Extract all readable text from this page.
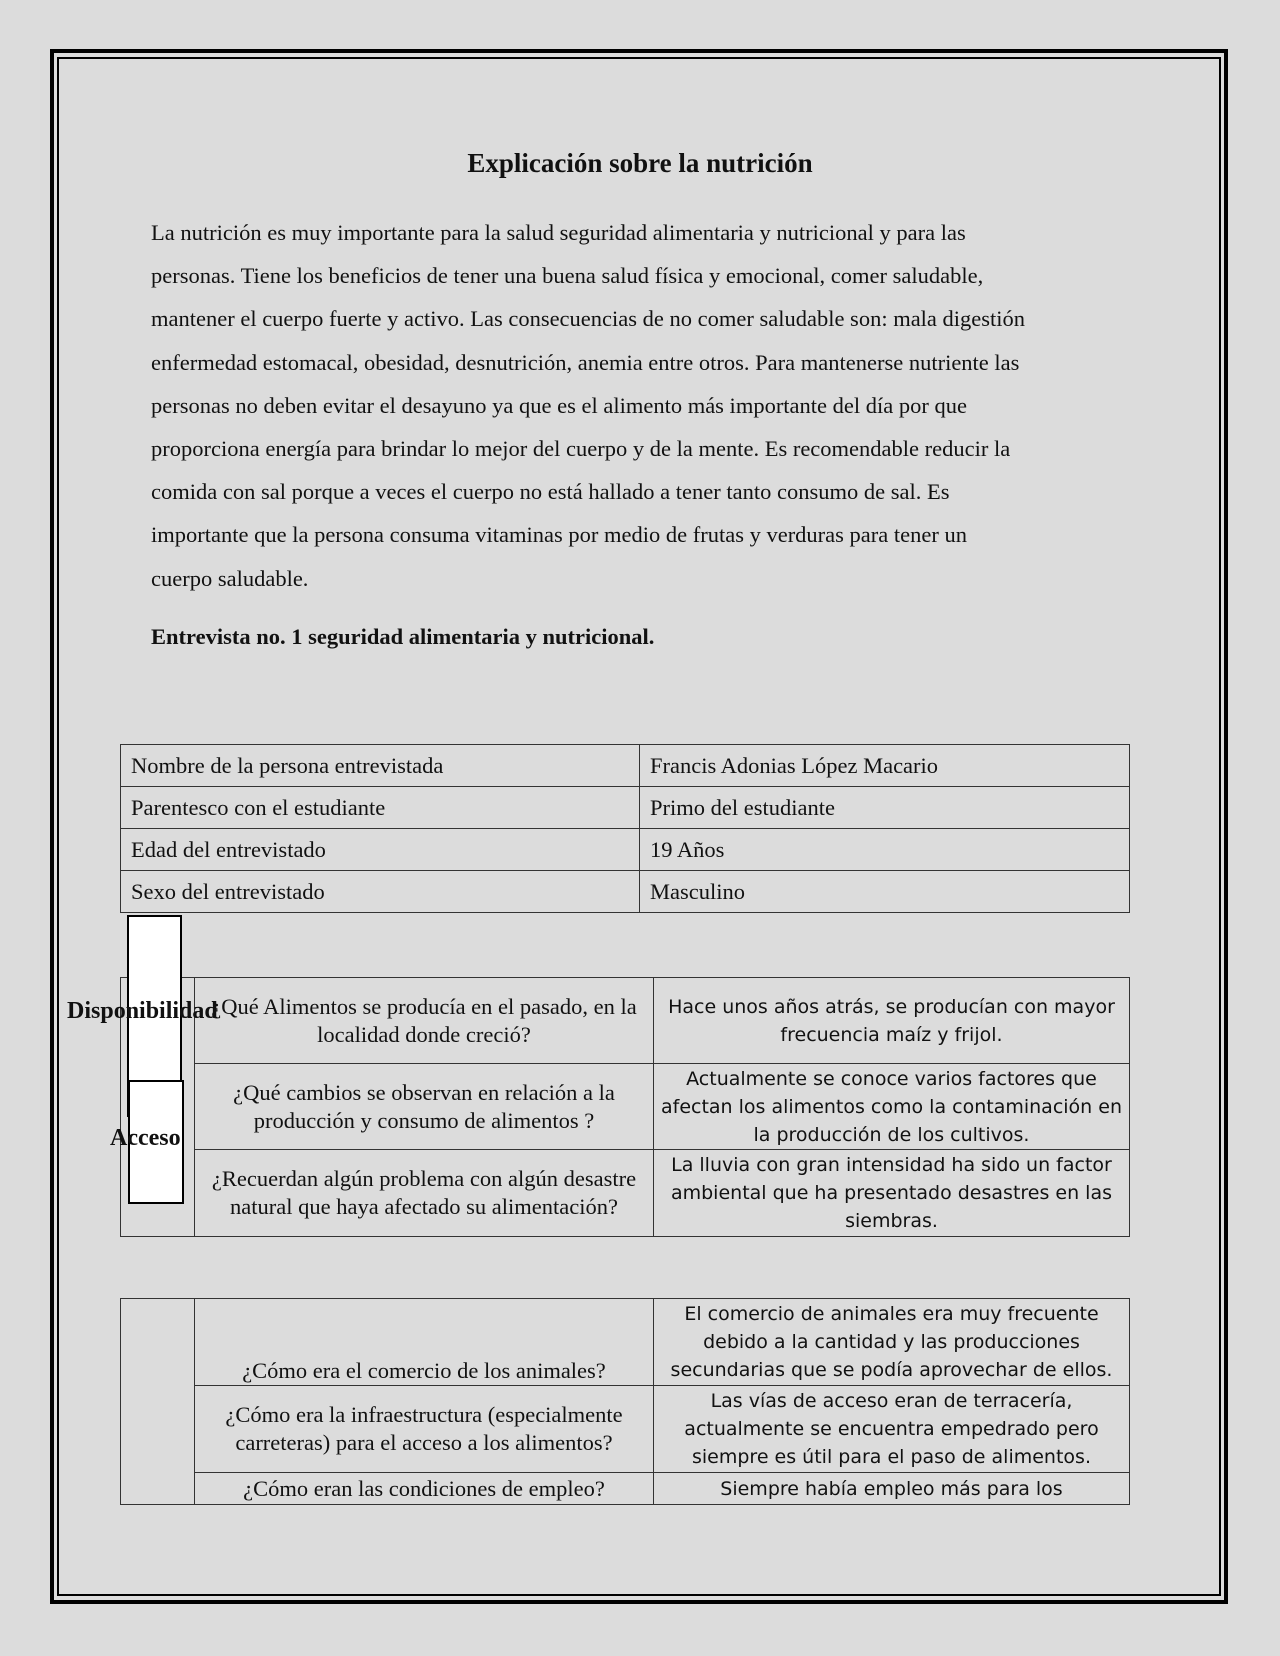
Explicación sobre la nutrición
La nutrición es muy importante para la salud seguridad alimentaria y nutricional y para las
personas. Tiene los beneficios de tener una buena salud física y emocional, comer saludable,
mantener el cuerpo fuerte y activo. Las consecuencias de no comer saludable son: mala digestión
enfermedad estomacal, obesidad, desnutrición, anemia entre otros. Para mantenerse nutriente las
personas no deben evitar el desayuno ya que es el alimento más importante del día por que
proporciona energía para brindar lo mejor del cuerpo y de la mente. Es recomendable reducir la
comida con sal porque a veces el cuerpo no está hallado a tener tanto consumo de sal. Es
importante que la persona consuma vitaminas por medio de frutas y verduras para tener un
cuerpo saludable.
Entrevista no. 1 seguridad alimentaria y nutricional.
Nombre de la persona entrevistada	Francis Adonias López Macario
Parentesco con el estudiante	Primo del estudiante
Edad del entrevistado	19 Años
Sexo del entrevistado	Masculino
	¿Qué Alimentos se producía en el pasado, en la localidad donde creció?	Hace unos años atrás, se producían con mayor frecuencia maíz y frijol.
	¿Qué cambios se observan en relación a la producción y consumo de alimentos ?	Actualmente se conoce varios factores que afectan los alimentos como la contaminación en la producción de los cultivos.
	¿Recuerdan algún problema con algún desastre natural que haya afectado su alimentación?	La lluvia con gran intensidad ha sido un factor ambiental que ha presentado desastres en las siembras.
	¿Cómo era el comercio de los animales?	El comercio de animales era muy frecuente debido a la cantidad y las producciones secundarias que se podía aprovechar de ellos.
	¿Cómo era la infraestructura (especialmente carreteras) para el acceso a los alimentos?	Las vías de acceso eran de terracería, actualmente se encuentra empedrado pero siempre es útil para el paso de alimentos.
	¿Cómo eran las condiciones de empleo?	Siempre había empleo más para los
Disponibilidad
Acceso
